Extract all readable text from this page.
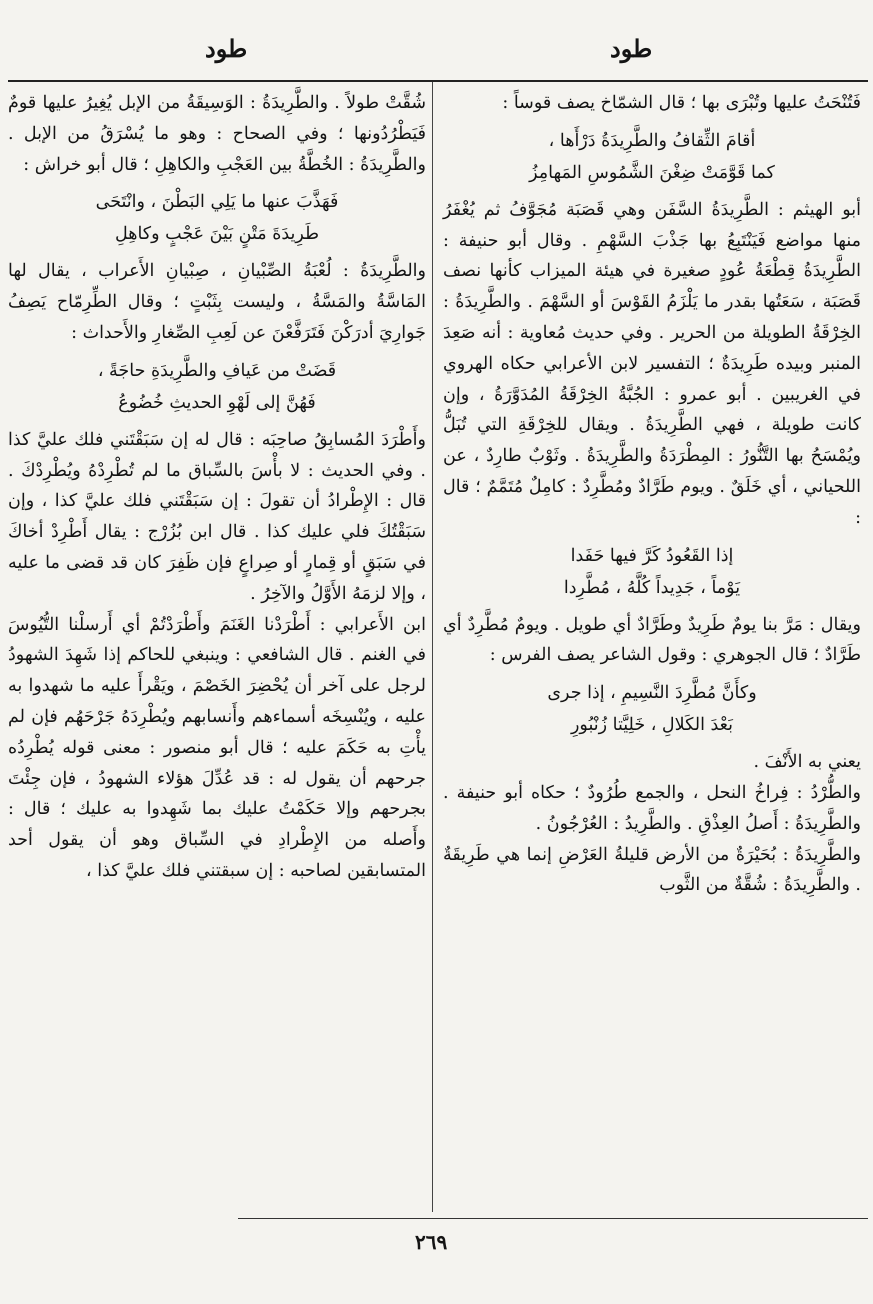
طود	طود

فَتُنْحَتُ عليها وتُبْرَى بها ؛ قال الشمّاخ يصف قوساً :

أقامَ الثِّقافُ والطَّرِيدَةُ دَرْأَها ،
كما قَوَّمَتْ ضِغْنَ الشَّمُوسِ المَهامِزُ

أبو الهيثم : الطَّرِيدَةُ السَّفَن وهي قَصَبَة مُجَوَّفُ ثم يُغْفَرُ منها مواضع فَيَنْتَبِعُ بها جَذْبَ السَّهْمِ . وقال أبو حنيفة : الطَّرِيدَةُ قِطْعَةُ عُودٍ صغيرة في هيئة الميزاب كأنها نصف قَصَبَة ، سَعَتُها بقدر ما يَلْزَمُ القَوْسَ أو السَّهْمَ . والطَّرِيدَةُ : الخِرْقَةُ الطويلة من الحرير . وفي حديث مُعاوية : أنه صَعِدَ المنبر وبيده طَرِيدَةٌ ؛ التفسير لابن الأعرابي حكاه الهروي في الغريبين . أبو عمرو : الجُبَّةُ الخِرْقَةُ المُدَوَّرَةُ ، وإن كانت طويلة ، فهي الطَّرِيدَةُ . ويقال للخِرْقَةِ التي تُبَلُّ ويُمْسَحُ بها التَّنُّورُ : المِطْرَدَةُ والطَّرِيدَةُ . وثَوْبٌ طارِدٌ ، عن اللحياني ، أي خَلَقٌ . ويوم طَرَّادٌ ومُطَّرِدٌ : كامِلٌ مُتَمَّمٌ ؛ قال :

إذا القَعُودُ كَرَّ فيها حَفَدا
يَوْماً ، جَدِيداً كُلَّهُ ، مُطَّرِدا

ويقال : مَرَّ بنا يومٌ طَرِيدٌ وطَرَّادٌ أي طويل . ويومٌ مُطَّرِدٌ أي طَرَّادٌ ؛ قال الجوهري : وقول الشاعر يصف الفرس :

وكأَنَّ مُطَّرِدَ النَّسِيمِ ، إذا جرى
بَعْدَ الكَلالِ ، خَلِيَّتا زُنْبُورِ

يعني به الأَنْفَ .

والطُّرْدُ : فِراخُ النحل ، والجمع طُرُودٌ ؛ حكاه أبو حنيفة . والطَّرِيدَةُ : أَصلُ العِذْقِ . والطَّرِيدُ : العُرْجُونُ .

والطَّرِيدَةُ : بُحَيْرَةٌ من الأرض قليلةُ العَرْضِ إنما هي طَرِيقَةٌ . والطَّرِيدَةُ : شُقَّةٌ من الثَّوب

شُقَّتْ طولاً . والطَّرِيدَةُ : الوَسِيقَةُ من الإبل يُغِيرُ عليها قومٌ فَيَطْرُدُونها ؛ وفي الصحاح : وهو ما يُسْرَقُ من الإبل . والطَّرِيدَةُ : الخُطَّةُ بين العَجْبِ والكاهِلِ ؛ قال أبو خراش :

فَهَذَّبَ عنها ما يَلِي البَطْنَ ، وانْتَحَى
طَرِيدَةَ مَتْنٍ بَيْنَ عَجْبٍ وكاهِلِ

والطَّرِيدَةُ : لُعْبَةُ الصِّبْيانِ ، صِبْيانِ الأَعراب ، يقال لها المَاسَّةُ والمَسَّةُ ، وليست بِثَبْتٍ ؛ وقال الطِّرِمّاح يَصِفُ جَوارِيَ أدرَكْنَ فَتَرَفَّعْنَ عن لَعِبِ الصِّغارِ والأَحداث :

قَضَتْ من عَيافِ والطَّرِيدَةِ حاجَةً ،
فَهُنَّ إلى لَهْوِ الحديثِ خُضُوعُ

وأَطْرَدَ المُسابِقُ صاحِبَه : قال له إن سَبَقْتَني فلك عليَّ كذا . وفي الحديث : لا بأْسَ بالسِّباق ما لم تُطْرِدْهُ ويُطْرِدْكَ . قال : الإِطْرادُ أن تقولَ : إن سَبَقْتَني فلك عليَّ كذا ، وإن سَبَقْتُكَ فلي عليك كذا . قال ابن بُزُرْج : يقال أَطْرِدْ أخاكَ في سَبَقٍ أو قِمارٍ أو صِراعٍ فإن ظَفِرَ كان قد قضى ما عليه ، وإلا لزمَهُ الأَوَّلُ والآخِرُ .

ابن الأَعرابي : أَطْرَدْنا الغَنَمَ وأَطْرَدْتُمْ أي أَرسلْنا التُّيُوسَ في الغنم . قال الشافعي : وينبغي للحاكم إذا شَهِدَ الشهودُ لرجل على آخر أن يُحْضِرَ الخَصْمَ ، ويَقْرأَ عليه ما شهدوا به عليه ، ويُنْسِخَه أسماءهم وأَنسابهم ويُطْرِدَهُ جَرْحَهُم فإن لم يأْتِ به حَكَمَ عليه ؛ قال أبو منصور : معنى قوله يُطْرِدُه جرحهم أن يقول له : قد عُدِّلَ هؤلاء الشهودُ ، فإن جِئْتَ بجرحهم وإلا حَكَمْتُ عليك بما شَهِدوا به عليك ؛ قال : وأَصله من الإِطْرادِ في السِّباق وهو أن يقول أحد المتسابقين لصاحبه : إن سبقتني فلك عليَّ كذا ،

٢٦٩
